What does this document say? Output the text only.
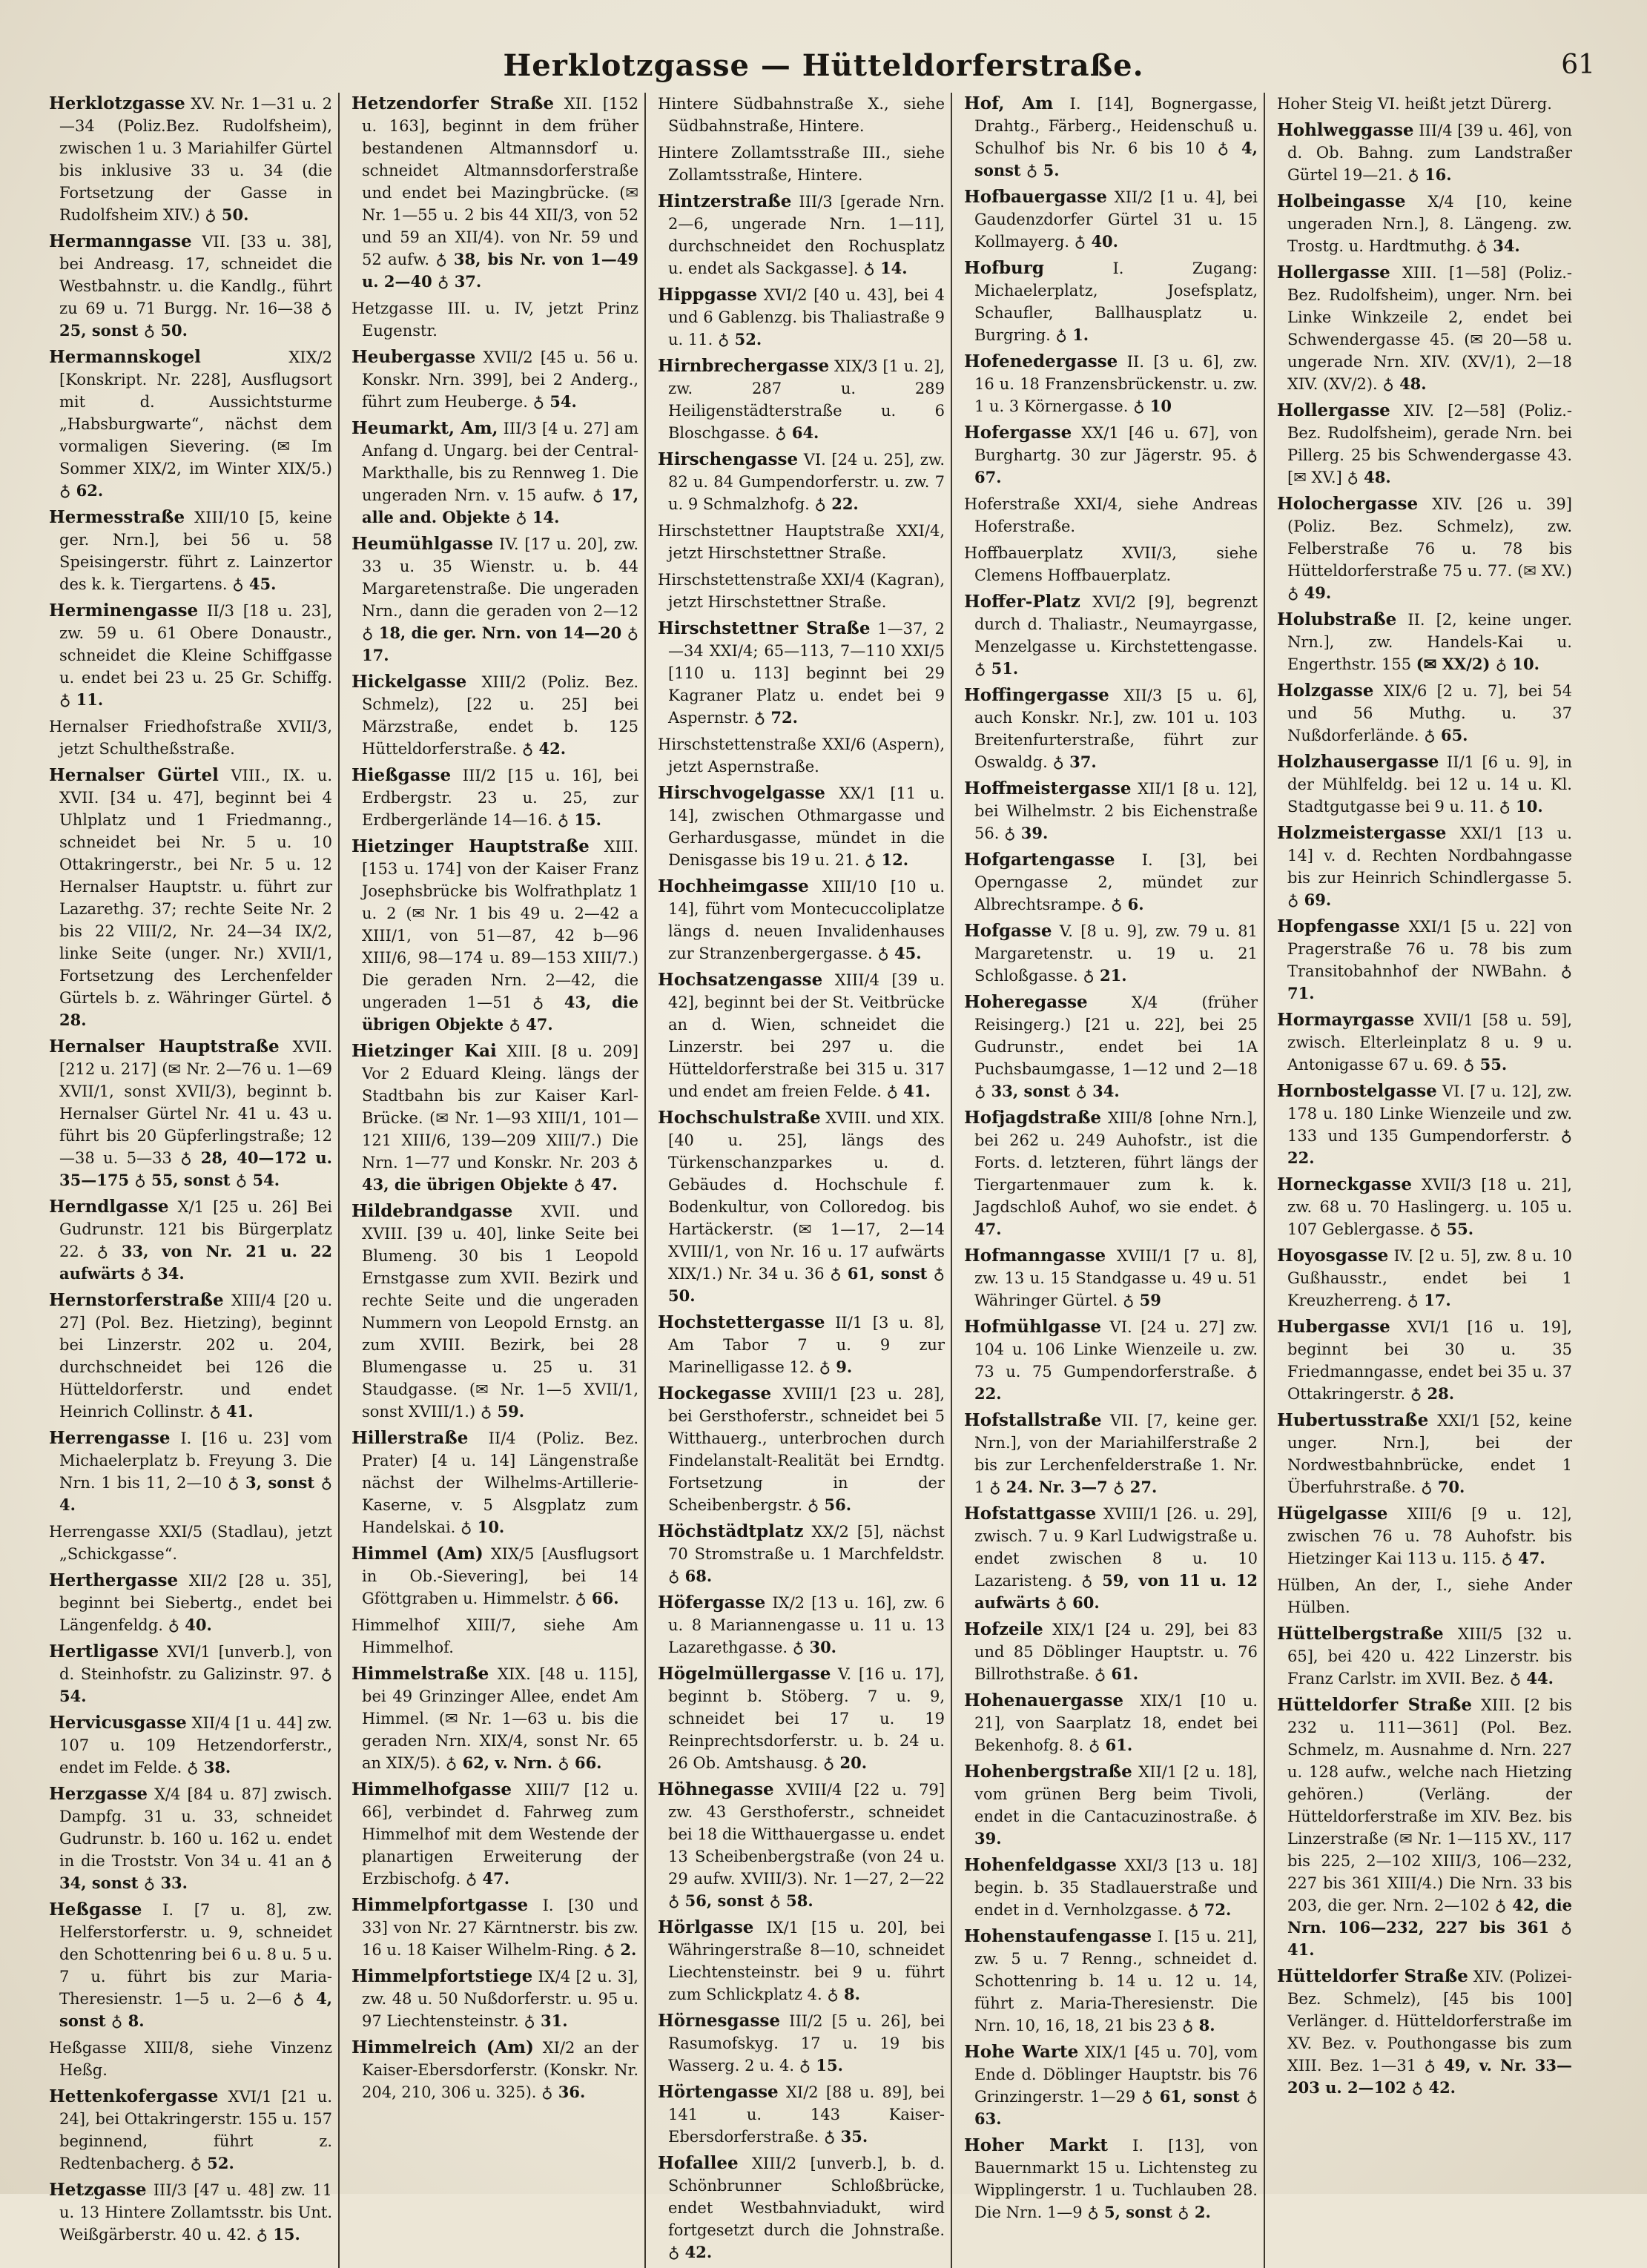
Herklotzgasse — Hütteldorferstraße.	61
Herklotzgasse XV. Nr. 1—31 u. 2—34 (Poliz.Bez. Rudolfsheim), zwischen 1 u. 3 Mariahilfer Gürtel bis inklusive 33 u. 34 (die Fortsetzung der Gasse in Rudolfsheim XIV.) ♁ 50.
Hermanngasse VII. [33 u. 38], bei Andreasg. 17, schneidet die Westbahnstr. u. die Kandlg., führt zu 69 u. 71 Burgg. Nr. 16—38 ♁ 25, sonst ♁ 50.
Hermannskogel	XIX/2 [Konskript. Nr. 228], Ausflugsort mit d. Aussichtsturme „Habsburgwarte“, nächst dem vormaligen Sievering. (✉ Im Sommer XIX/2, im Winter XIX/5.) ♁ 62.
Hermesstraße XIII/10 [5, keine ger. Nrn.], bei 56 u. 58 Speisingerstr. führt z. Lainzertor des k. k. Tiergartens. ♁ 45.
Herminengasse II/3 [18 u. 23], zw. 59 u. 61 Obere Donaustr., schneidet die Kleine Schiffgasse u. endet bei 23 u. 25 Gr. Schiffg. ♁ 11.
Hernalser Friedhofstraße XVII/3, jetzt Schultheßstraße.
Hernalser Gürtel VIII., IX. u. XVII. [34 u. 47], beginnt bei 4 Uhlplatz und 1 Friedmanng., schneidet bei Nr. 5 u. 10 Ottakringerstr., bei Nr. 5 u. 12 Hernalser Hauptstr. u. führt zur Lazarethg. 37; rechte Seite Nr. 2 bis 22 VIII/2, Nr. 24—34 IX/2, linke Seite (unger. Nr.) XVII/1, Fortsetzung des Lerchenfelder Gürtels b. z. Währinger Gürtel. ♁ 28.
Hernalser Hauptstraße XVII. [212 u. 217] (✉ Nr. 2—76 u. 1—69 XVII/1, sonst XVII/3), beginnt b. Hernalser Gürtel Nr. 41 u. 43 u. führt bis 20 Güpferlingstraße; 12—38 u. 5—33 ♁ 28, 40—172 u. 35—175 ♁ 55, sonst ♁ 54.
Herndlgasse X/1 [25 u. 26] Bei Gudrunstr. 121 bis Bürgerplatz 22. ♁ 33, von Nr. 21 u. 22 aufwärts ♁ 34.
Hernstorferstraße XIII/4 [20 u. 27] (Pol. Bez. Hietzing), beginnt bei Linzerstr. 202 u. 204, durchschneidet bei 126 die Hütteldorferstr. und endet Heinrich Collinstr. ♁ 41.
Herrengasse I. [16 u. 23] vom Michaelerplatz b. Freyung 3. Die Nrn. 1 bis 11, 2—10 ♁ 3, sonst ♁ 4.
Herrengasse XXI/5 (Stadlau), jetzt „Schickgasse“.
Herthergasse XII/2 [28 u. 35], beginnt bei Siebertg., endet bei Längenfeldg. ♁ 40.
Hertligasse XVI/1 [unverb.], von d. Steinhofstr. zu Galizinstr. 97. ♁ 54.
Hervicusgasse XII/4 [1 u. 44] zw. 107 u. 109 Hetzendorferstr., endet im Felde. ♁ 38.
Herzgasse X/4 [84 u. 87] zwisch. Dampfg. 31 u. 33, schneidet Gudrunstr. b. 160 u. 162 u. endet in die Troststr. Von 34 u. 41 an ♁ 34, sonst ♁ 33.
Heßgasse I. [7 u. 8], zw. Helferstorferstr. u. 9, schneidet den Schottenring bei 6 u. 8 u. 5 u. 7 u. führt bis zur Maria-Theresienstr. 1—5 u. 2—6 ♁ 4, sonst ♁ 8.
Heßgasse XIII/8, siehe Vinzenz Heßg.
Hettenkofergasse XVI/1 [21 u. 24], bei Ottakringerstr. 155 u. 157 beginnend, führt z. Redtenbacherg. ♁ 52.
Hetzgasse III/3 [47 u. 48] zw. 11 u. 13 Hintere Zollamtsstr. bis Unt. Weißgärberstr. 40 u. 42. ♁ 15.
Hetzendorfer Straße XII. [152 u. 163], beginnt in dem früher bestandenen Altmannsdorf u. schneidet Altmannsdorferstraße und endet bei Mazingbrücke. (✉ Nr. 1—55 u. 2 bis 44 XII/3, von 52 und 59 an XII/4). von Nr. 59 und 52 aufw. ♁ 38, bis Nr. von 1—49 u. 2—40 ♁ 37.
Hetzgasse III. u. IV, jetzt Prinz Eugenstr.
Heubergasse XVII/2 [45 u. 56 u. Konskr. Nrn. 399], bei 2 Anderg., führt zum Heuberge. ♁ 54.
Heumarkt, Am, III/3 [4 u. 27] am Anfang d. Ungarg. bei der Central-Markthalle, bis zu Rennweg 1. Die ungeraden Nrn. v. 15 aufw. ♁ 17, alle and. Objekte ♁ 14.
Heumühlgasse IV. [17 u. 20], zw. 33 u. 35 Wienstr. u. b. 44 Margaretenstraße. Die ungeraden Nrn., dann die geraden von 2—12 ♁ 18, die ger. Nrn. von 14—20 ♁ 17.
Hickelgasse XIII/2 (Poliz. Bez. Schmelz), [22 u. 25] bei Märzstraße, endet b. 125 Hütteldorferstraße. ♁ 42.
Hießgasse III/2 [15 u. 16], bei Erdbergstr. 23 u. 25, zur Erdbergerlände 14—16. ♁ 15.
Hietzinger Hauptstraße XIII. [153 u. 174] von der Kaiser Franz Josephsbrücke bis Wolfrathplatz 1 u. 2 (✉ Nr. 1 bis 49 u. 2—42 a XIII/1, von 51—87, 42 b—96 XIII/6, 98—174 u. 89—153 XIII/7.) Die geraden Nrn. 2—42, die ungeraden 1—51 ♁ 43, die übrigen Objekte ♁ 47.
Hietzinger Kai XIII. [8 u. 209] Vor 2 Eduard Kleing. längs der Stadtbahn bis zur Kaiser Karl-Brücke. (✉ Nr. 1—93 XIII/1, 101—121 XIII/6, 139—209 XIII/7.) Die Nrn. 1—77 und Konskr. Nr. 203 ♁ 43, die übrigen Objekte ♁ 47.
Hildebrandgasse XVII. und XVIII. [39 u. 40], linke Seite bei Blumeng. 30 bis 1 Leopold Ernstgasse zum XVII. Bezirk und rechte Seite und die ungeraden Nummern von Leopold Ernstg. an zum XVIII. Bezirk, bei 28 Blumengasse u. 25 u. 31 Staudgasse. (✉ Nr. 1—5 XVII/1, sonst XVIII/1.) ♁ 59.
Hillerstraße II/4 (Poliz. Bez. Prater) [4 u. 14] Längenstraße nächst der Wilhelms-Artillerie-Kaserne, v. 5 Alsgplatz zum Handelskai. ♁ 10.
Himmel (Am) XIX/5 [Ausflugsort in Ob.-Sievering], bei 14 Gföttgraben u. Himmelstr. ♁ 66.
Himmelhof XIII/7, siehe Am Himmelhof.
Himmelstraße XIX. [48 u. 115], bei 49 Grinzinger Allee, endet Am Himmel. (✉ Nr. 1—63 u. bis die geraden Nrn. XIX/4, sonst Nr. 65 an XIX/5). ♁ 62, v. Nrn. ♁ 66.
Himmelhofgasse XIII/7 [12 u. 66], verbindet d. Fahrweg zum Himmelhof mit dem Westende der planartigen Erweiterung der Erzbischofg. ♁ 47.
Himmelpfortgasse I. [30 und 33] von Nr. 27 Kärntnerstr. bis zw. 16 u. 18 Kaiser Wilhelm-Ring. ♁ 2.
Himmelpfortstiege IX/4 [2 u. 3], zw. 48 u. 50 Nußdorferstr. u. 95 u. 97 Liechtensteinstr. ♁ 31.
Himmelreich (Am) XI/2 an der Kaiser-Ebersdorferstr. (Konskr. Nr. 204, 210, 306 u. 325). ♁ 36.
Hintere Südbahnstraße X., siehe Südbahnstraße, Hintere.
Hintere Zollamtsstraße III., siehe Zollamtsstraße, Hintere.
Hintzerstraße III/3 [gerade Nrn. 2—6, ungerade Nrn. 1—11], durchschneidet den Rochusplatz u. endet als Sackgasse]. ♁ 14.
Hippgasse XVI/2 [40 u. 43], bei 4 und 6 Gablenzg. bis Thaliastraße 9 u. 11. ♁ 52.
Hirnbrechergasse XIX/3 [1 u. 2], zw. 287 u. 289 Heiligenstädterstraße u. 6 Bloschgasse. ♁ 64.
Hirschengasse VI. [24 u. 25], zw. 82 u. 84 Gumpendorferstr. u. zw. 7 u. 9 Schmalzhofg. ♁ 22.
Hirschstettner Hauptstraße XXI/4, jetzt Hirschstettner Straße.
Hirschstettenstraße XXI/4 (Kagran), jetzt Hirschstettner Straße.
Hirschstettner Straße 1—37, 2—34 XXI/4; 65—113, 7—110 XXI/5 [110 u. 113] beginnt bei 29 Kagraner Platz u. endet bei 9 Aspernstr. ♁ 72.
Hirschstettenstraße XXI/6 (Aspern), jetzt Aspernstraße.
Hirschvogelgasse XX/1 [11 u. 14], zwischen Othmargasse und Gerhardusgasse, mündet in die Denisgasse bis 19 u. 21. ♁ 12.
Hochheimgasse XIII/10 [10 u. 14], führt vom Montecuccoliplatze längs d. neuen Invalidenhauses zur Stranzenbergergasse. ♁ 45.
Hochsatzengasse XIII/4 [39 u. 42], beginnt bei der St. Veitbrücke an d. Wien, schneidet die Linzerstr. bei 297 u. die Hütteldorferstraße bei 315 u. 317 und endet am freien Felde. ♁ 41.
Hochschulstraße XVIII. und XIX. [40 u. 25], längs des Türkenschanzparkes u. d. Gebäudes d. Hochschule f. Bodenkultur, von Colloredog. bis Hartäckerstr. (✉ 1—17, 2—14 XVIII/1, von Nr. 16 u. 17 aufwärts XIX/1.) Nr. 34 u. 36 ♁ 61, sonst ♁ 50.
Hochstettergasse II/1 [3 u. 8], Am Tabor 7 u. 9 zur Marinelligasse 12. ♁ 9.
Hockegasse XVIII/1 [23 u. 28], bei Gersthoferstr., schneidet bei 5 Witthauerg., unterbrochen durch Findelanstalt-Realität bei Erndtg. Fortsetzung in der Scheibenbergstr. ♁ 56.
Höchstädtplatz XX/2 [5], nächst 70 Stromstraße u. 1 Marchfeldstr. ♁ 68.
Höfergasse IX/2 [13 u. 16], zw. 6 u. 8 Mariannengasse u. 11 u. 13 Lazarethgasse. ♁ 30.
Högelmüllergasse V. [16 u. 17], beginnt b. Stöberg. 7 u. 9, schneidet bei 17 u. 19 Reinprechtsdorferstr. u. b. 24 u. 26 Ob. Amtshausg. ♁ 20.
Höhnegasse XVIII/4 [22 u. 79] zw. 43 Gersthoferstr., schneidet bei 18 die Witthauergasse u. endet 13 Scheibenbergstraße (von 24 u. 29 aufw. XVIII/3). Nr. 1—27, 2—22 ♁ 56, sonst ♁ 58.
Hörlgasse IX/1 [15 u. 20], bei Währingerstraße 8—10, schneidet Liechtensteinstr. bei 9 u. führt zum Schlickplatz 4. ♁ 8.
Hörnesgasse III/2 [5 u. 26], bei Rasumofskyg. 17 u. 19 bis Wasserg. 2 u. 4. ♁ 15.
Hörtengasse XI/2 [88 u. 89], bei 141 u. 143 Kaiser-Ebersdorferstraße. ♁ 35.
Hofallee XIII/2 [unverb.], b. d. Schönbrunner Schloßbrücke, endet Westbahnviadukt, wird fortgesetzt durch die Johnstraße. ♁ 42.
Hof, Am I. [14], Bognergasse, Drahtg., Färberg., Heidenschuß u. Schulhof bis Nr. 6 bis 10 ♁ 4, sonst ♁ 5.
Hofbauergasse XII/2 [1 u. 4], bei Gaudenzdorfer Gürtel 31 u. 15 Kollmayerg. ♁ 40.
Hofburg	I. Zugang: Michaelerplatz, Josefsplatz, Schaufler, Ballhausplatz u. Burgring. ♁ 1.
Hofenedergasse II. [3 u. 6], zw. 16 u. 18 Franzensbrückenstr. u. zw. 1 u. 3 Körnergasse. ♁ 10
Hofergasse XX/1 [46 u. 67], von Burghartg. 30 zur Jägerstr. 95. ♁ 67.
Hoferstraße XXI/4, siehe Andreas Hoferstraße.
Hoffbauerplatz XVII/3, siehe Clemens Hoffbauerplatz.
Hoffer-Platz XVI/2 [9], begrenzt durch d. Thaliastr., Neumayrgasse, Menzelgasse u. Kirchstettengasse. ♁ 51.
Hoffingergasse XII/3 [5 u. 6], auch Konskr. Nr.], zw. 101 u. 103 Breitenfurterstraße, führt zur Oswaldg. ♁ 37.
Hoffmeistergasse XII/1 [8 u. 12], bei Wilhelmstr. 2 bis Eichenstraße 56. ♁ 39.
Hofgartengasse I. [3], bei Operngasse 2, mündet zur Albrechtsrampe. ♁ 6.
Hofgasse V. [8 u. 9], zw. 79 u. 81 Margaretenstr. u. 19 u. 21 Schloßgasse. ♁ 21.
Hoheregasse	X/4 (früher Reisingerg.) [21 u. 22], bei 25 Gudrunstr., endet bei 1A Puchsbaumgasse, 1—12 und 2—18 ♁ 33, sonst ♁ 34.
Hofjagdstraße XIII/8 [ohne Nrn.], bei 262 u. 249 Auhofstr., ist die Forts. d. letzteren, führt längs der Tiergartenmauer zum k. k. Jagdschloß Auhof, wo sie endet. ♁ 47.
Hofmanngasse XVIII/1 [7 u. 8], zw. 13 u. 15 Standgasse u. 49 u. 51 Währinger Gürtel. ♁ 59
Hofmühlgasse VI. [24 u. 27] zw. 104 u. 106 Linke Wienzeile u. zw. 73 u. 75 Gumpendorferstraße. ♁ 22.
Hofstallstraße VII. [7, keine ger. Nrn.], von der Mariahilferstraße 2 bis zur Lerchenfelderstraße 1. Nr. 1 ♁ 24. Nr. 3—7 ♁ 27.
Hofstattgasse XVIII/1 [26. u. 29], zwisch. 7 u. 9 Karl Ludwigstraße u. endet zwischen 8 u. 10 Lazaristeng. ♁ 59, von 11 u. 12 aufwärts ♁ 60.
Hofzeile XIX/1 [24 u. 29], bei 83 und 85 Döblinger Hauptstr. u. 76 Billrothstraße. ♁ 61.
Hohenauergasse XIX/1 [10 u. 21], von Saarplatz 18, endet bei Bekenhofg. 8. ♁ 61.
Hohenbergstraße XII/1 [2 u. 18], vom grünen Berg beim Tivoli, endet in die Cantacuzinostraße. ♁ 39.
Hohenfeldgasse XXI/3 [13 u. 18] begin. b. 35 Stadlauerstraße und endet in d. Vernholzgasse. ♁ 72.
Hohenstaufengasse I. [15 u. 21], zw. 5 u. 7 Renng., schneidet d. Schottenring b. 14 u. 12 u. 14, führt z. Maria-Theresienstr. Die Nrn. 10, 16, 18, 21 bis 23 ♁ 8.
Hohe Warte XIX/1 [45 u. 70], vom Ende d. Döblinger Hauptstr. bis 76 Grinzingerstr. 1—29 ♁ 61, sonst ♁ 63.
Hoher Markt I. [13], von Bauernmarkt 15 u. Lichtensteg zu Wipplingerstr. 1 u. Tuchlauben 28. Die Nrn. 1—9 ♁ 5, sonst ♁ 2.
Hoher Steig VI. heißt jetzt Dürerg.
Hohlweggasse III/4 [39 u. 46], von d. Ob. Bahng. zum Landstraßer Gürtel 19—21. ♁ 16.
Holbeingasse X/4 [10, keine ungeraden Nrn.], 8. Längeng. zw. Trostg. u. Hardtmuthg. ♁ 34.
Hollergasse XIII. [1—58] (Poliz.-Bez. Rudolfsheim), unger. Nrn. bei Linke Winkzeile 2, endet bei Schwendergasse 45. (✉ 20—58 u. ungerade Nrn. XIV. (XV/1), 2—18 XIV. (XV/2). ♁ 48.
Hollergasse XIV. [2—58] (Poliz.-Bez. Rudolfsheim), gerade Nrn. bei Pillerg. 25 bis Schwendergasse 43. [✉ XV.] ♁ 48.
Holochergasse XIV. [26 u. 39] (Poliz. Bez. Schmelz), zw. Felberstraße 76 u. 78 bis Hütteldorferstraße 75 u. 77. (✉ XV.) ♁ 49.
Holubstraße II. [2, keine unger. Nrn.], zw. Handels-Kai u. Engerthstr. 155 (✉ XX/2) ♁ 10.
Holzgasse XIX/6 [2 u. 7], bei 54 und 56 Muthg. u. 37 Nußdorferlände. ♁ 65.
Holzhausergasse II/1 [6 u. 9], in der Mühlfeldg. bei 12 u. 14 u. Kl. Stadtgutgasse bei 9 u. 11. ♁ 10.
Holzmeistergasse XXI/1 [13 u. 14] v. d. Rechten Nordbahngasse bis zur Heinrich Schindlergasse 5. ♁ 69.
Hopfengasse XXI/1 [5 u. 22] von Pragerstraße 76 u. 78 bis zum Transitobahnhof der NWBahn. ♁ 71.
Hormayrgasse XVII/1 [58 u. 59], zwisch. Elterleinplatz 8 u. 9 u. Antonigasse 67 u. 69. ♁ 55.
Hornbostelgasse VI. [7 u. 12], zw. 178 u. 180 Linke Wienzeile und zw. 133 und 135 Gumpendorferstr. ♁ 22.
Horneckgasse XVII/3 [18 u. 21], zw. 68 u. 70 Haslingerg. u. 105 u. 107 Geblergasse. ♁ 55.
Hoyosgasse IV. [2 u. 5], zw. 8 u. 10 Gußhausstr., endet bei 1 Kreuzherreng. ♁ 17.
Hubergasse XVI/1 [16 u. 19], beginnt bei 30 u. 35 Friedmanngasse, endet bei 35 u. 37 Ottakringerstr. ♁ 28.
Hubertusstraße XXI/1 [52, keine unger. Nrn.], bei der Nordwestbahnbrücke, endet 1 Überfuhrstraße. ♁ 70.
Hügelgasse XIII/6 [9 u. 12], zwischen 76 u. 78 Auhofstr. bis Hietzinger Kai 113 u. 115. ♁ 47.
Hülben, An der, I., siehe Ander Hülben.
Hüttelbergstraße XIII/5 [32 u. 65], bei 420 u. 422 Linzerstr. bis Franz Carlstr. im XVII. Bez. ♁ 44.
Hütteldorfer Straße XIII. [2 bis 232 u. 111—361] (Pol. Bez. Schmelz, m. Ausnahme d. Nrn. 227 u. 128 aufw., welche nach Hietzing gehören.) (Verläng. der Hütteldorferstraße im XIV. Bez. bis Linzerstraße (✉ Nr. 1—115 XV., 117 bis 225, 2—102 XIII/3, 106—232, 227 bis 361 XIII/4.) Die Nrn. 33 bis 203, die ger. Nrn. 2—102 ♁ 42, die Nrn. 106—232, 227 bis 361 ♁ 41.
Hütteldorfer Straße XIV. (Polizei-Bez. Schmelz), [45 bis 100] Verlänger. d. Hütteldorferstraße im XV. Bez. v. Pouthongasse bis zum XIII. Bez. 1—31 ♁ 49, v. Nr. 33—203 u. 2—102 ♁ 42.
